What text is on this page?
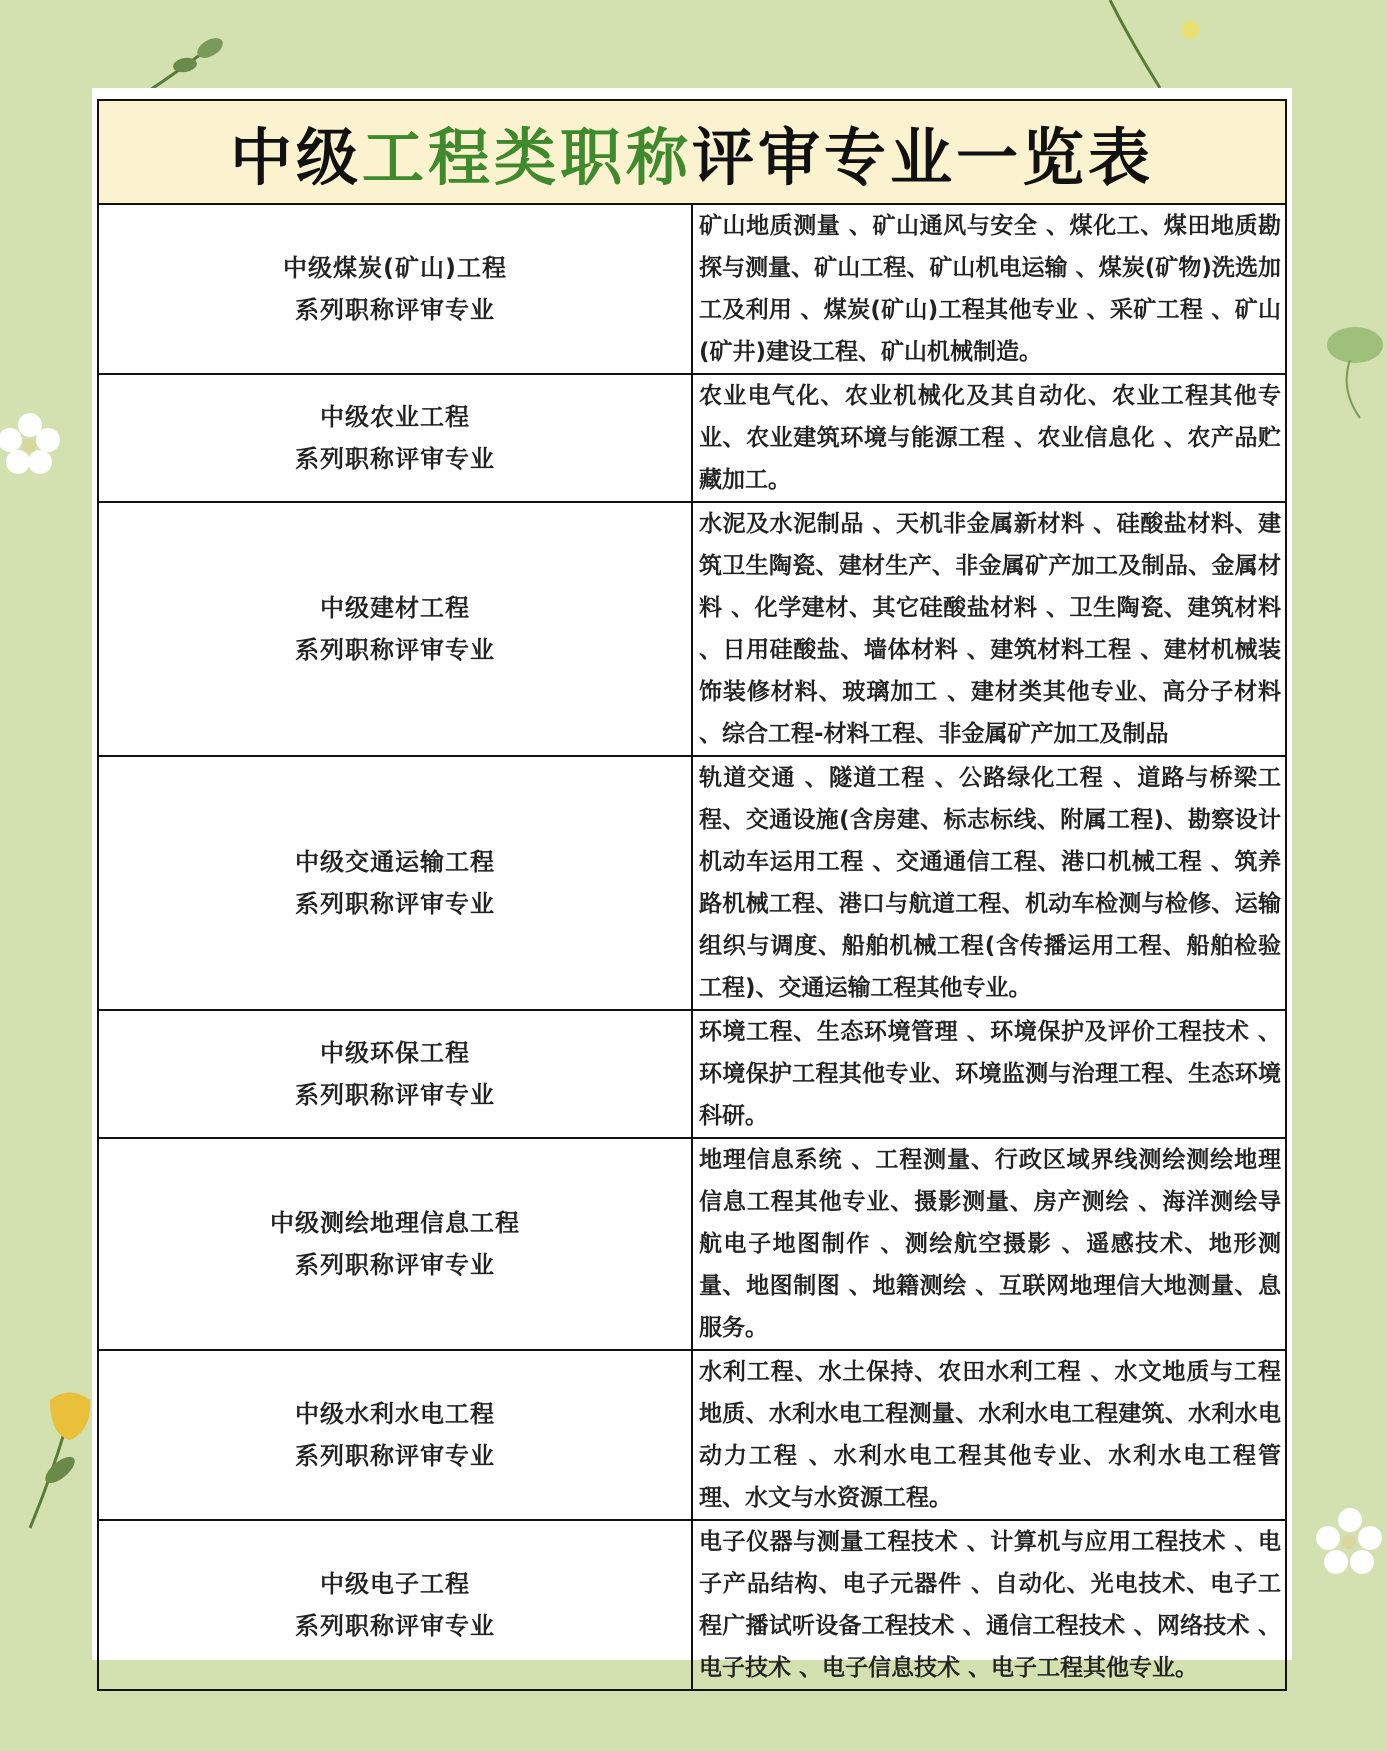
中级工程类职称评审专业一览表	

中级煤炭(矿山)工程
系列职称评审专业	矿山地质测量 、矿山通风与安全 、煤化工、煤田地质勘探与测量、矿山工程、矿山机电运输 、煤炭(矿物)洗选加工及利用 、煤炭(矿山)工程其他专业 、采矿工程 、矿山(矿井)建设工程、矿山机械制造。

中级农业工程
系列职称评审专业	农业电气化、农业机械化及其自动化、农业工程其他专业、农业建筑环境与能源工程 、农业信息化 、农产品贮藏加工。

中级建材工程
系列职称评审专业	水泥及水泥制品 、天机非金属新材料 、硅酸盐材料、建筑卫生陶瓷、建材生产、非金属矿产加工及制品、金属材料 、化学建材、其它硅酸盐材料 、卫生陶瓷、建筑材料 、日用硅酸盐、墙体材料 、建筑材料工程 、建材机械装饰装修材料、玻璃加工 、建材类其他专业、高分子材料 、综合工程-材料工程、非金属矿产加工及制品

中级交通运输工程
系列职称评审专业	轨道交通 、隧道工程 、公路绿化工程 、道路与桥梁工程、交通设施(含房建、标志标线、附属工程)、勘察设计机动车运用工程 、交通通信工程、港口机械工程 、筑养路机械工程、港口与航道工程、机动车检测与检修、运输组织与调度、船舶机械工程(含传播运用工程、船舶检验工程)、交通运输工程其他专业。

中级环保工程
系列职称评审专业	环境工程、生态环境管理 、环境保护及评价工程技术 、环境保护工程其他专业、环境监测与治理工程、生态环境科研。

中级测绘地理信息工程
系列职称评审专业	地理信息系统 、工程测量、行政区域界线测绘测绘地理信息工程其他专业、摄影测量、房产测绘 、海洋测绘导航电子地图制作 、测绘航空摄影 、遥感技术、地形测量、地图制图 、地籍测绘 、互联网地理信大地测量、息服务。

中级水利水电工程
系列职称评审专业	水利工程、水土保持、农田水利工程 、水文地质与工程地质、水利水电工程测量、水利水电工程建筑、水利水电动力工程 、水利水电工程其他专业、水利水电工程管理、水文与水资源工程。

中级电子工程
系列职称评审专业	电子仪器与测量工程技术 、计算机与应用工程技术 、电子产品结构、电子元器件 、自动化、光电技术、电子工程广播试听设备工程技术 、通信工程技术 、网络技术 、电子技术 、电子信息技术 、电子工程其他专业。
